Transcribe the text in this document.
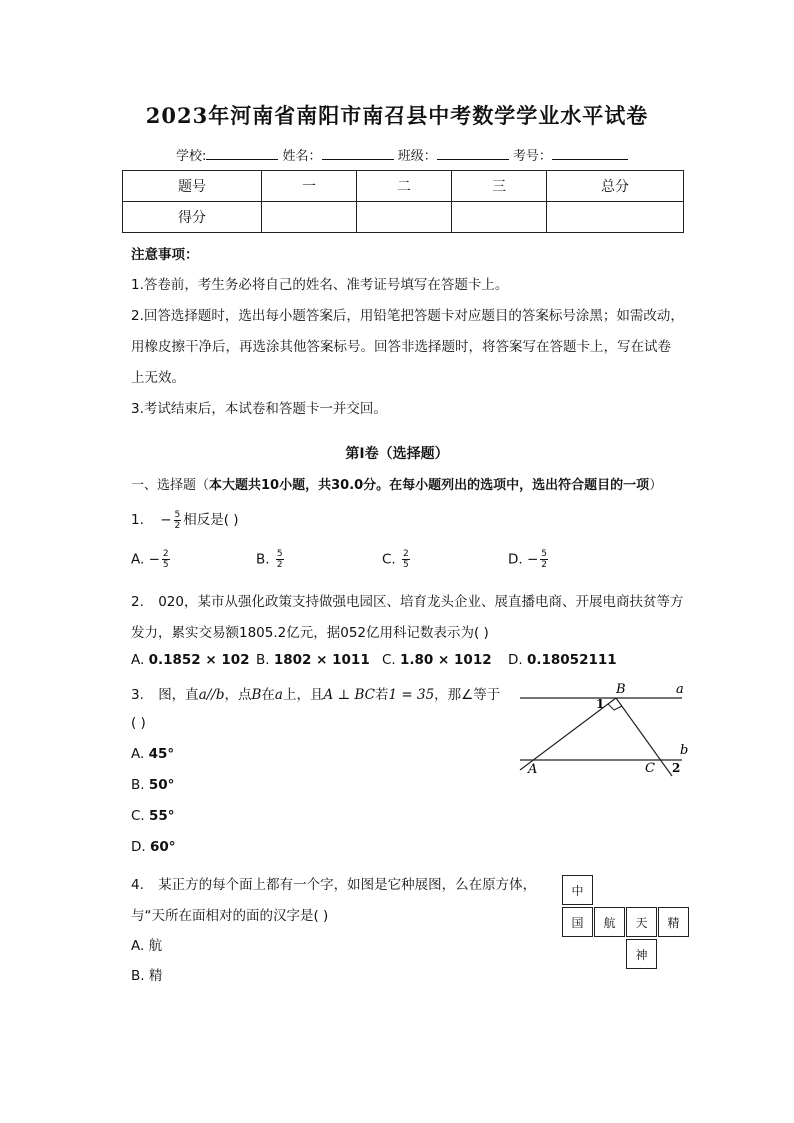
2023年河南省南阳市南召县中考数学学业水平试卷
学校:	姓名：	班级：	考号：
题号	一	二	三	总分
得分				
注意事项：
1.答卷前，考生务必将自己的姓名、准考证号填写在答题卡上。
2.回答选择题时，选出每小题答案后，用铅笔把答题卡对应题目的答案标号涂黑；如需改动，
用橡皮擦干净后，再选涂其他答案标号。回答非选择题时，将答案写在答题卡上，写在试卷
上无效。
3.考试结束后，本试卷和答题卡一并交回。
第I卷（选择题）
一、选择题（本大题共10小题，共30.0分。在每小题列出的选项中，选出符合题目的一项）
1. − $\frac{5}{2}$ 相反是( )
A. − $\frac{2}{5}$	B. $\frac{5}{2}$	C. $\frac{2}{5}$	D. − $\frac{5}{2}$
2. 020，某市从强化政策支持做强电园区、培育龙头企业、展直播电商、开展电商扶贫等方
发力，累实交易额1805.2亿元，据052亿用科记数表示为( )
A. 0.1852 × 102 B. 1802 × 1011 C. 1.80 × 1012 D. 0.18052111
3. 图，直a//b，点B在a上，且A ⊥ BC若1 = 35，那∠等于
( )
A. 45°
B. 50°
C. 55°
D. 60°
B	a
b
A	C
1
2
4. 某正方的每个面上都有一个字，如图是它种展图，么在原方体，
与“天所在面相对的面的汉字是( )
A. 航
B. 精
中
国	航	天	精
神
